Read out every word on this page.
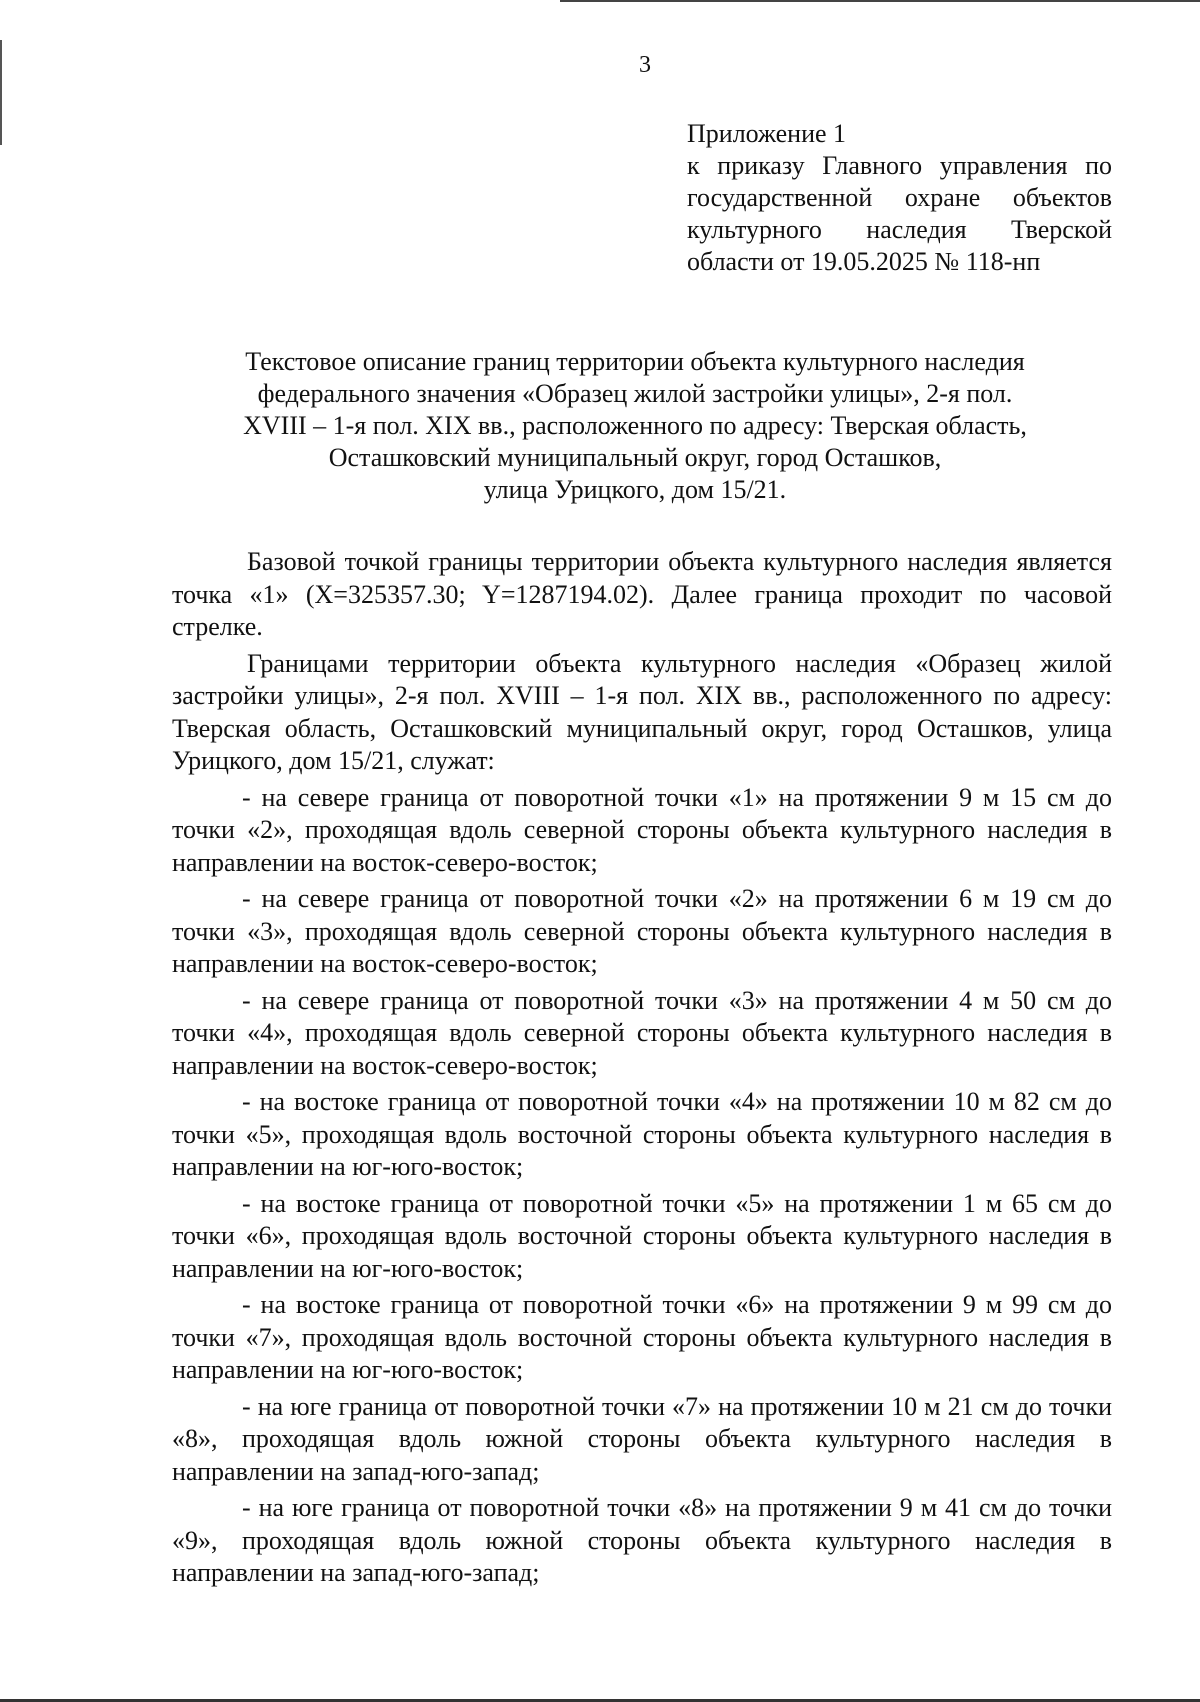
3
Приложение 1
к приказу Главного управления по
государственной охране объектов
культурного наследия Тверской
области от 19.05.2025 № 118-нп
Текстовое описание границ территории объекта культурного наследия
федерального значения «Образец жилой застройки улицы», 2-я пол.
XVIII – 1-я пол. XIX вв., расположенного по адресу: Тверская область,
Осташковский муниципальный округ, город Осташков,
улица Урицкого, дом 15/21.

Базовой точкой границы территории объекта культурного наследия является точка «1» (X=325357.30; Y=1287194.02). Далее граница проходит по часовой стрелке.

Границами территории объекта культурного наследия «Образец жилой застройки улицы», 2-я пол. XVIII – 1-я пол. XIX вв., расположенного по адресу: Тверская область, Осташковский муниципальный округ, город Осташков, улица Урицкого, дом 15/21, служат:

- на севере граница от поворотной точки «1» на протяжении 9 м 15 см до точки «2», проходящая вдоль северной стороны объекта культурного наследия в направлении на восток-северо-восток;

- на севере граница от поворотной точки «2» на протяжении 6 м 19 см до точки «3», проходящая вдоль северной стороны объекта культурного наследия в направлении на восток-северо-восток;

- на севере граница от поворотной точки «3» на протяжении 4 м 50 см до точки «4», проходящая вдоль северной стороны объекта культурного наследия в направлении на восток-северо-восток;

- на востоке граница от поворотной точки «4» на протяжении 10 м 82 см до точки «5», проходящая вдоль восточной стороны объекта культурного наследия в направлении на юг-юго-восток;

- на востоке граница от поворотной точки «5» на протяжении 1 м 65 см до точки «6», проходящая вдоль восточной стороны объекта культурного наследия в направлении на юг-юго-восток;

- на востоке граница от поворотной точки «6» на протяжении 9 м 99 см до точки «7», проходящая вдоль восточной стороны объекта культурного наследия в направлении на юг-юго-восток;

- на юге граница от поворотной точки «7» на протяжении 10 м 21 см до точки «8», проходящая вдоль южной стороны объекта культурного наследия в направлении на запад-юго-запад;

- на юге граница от поворотной точки «8» на протяжении 9 м 41 см до точки «9», проходящая вдоль южной стороны объекта культурного наследия в направлении на запад-юго-запад;
